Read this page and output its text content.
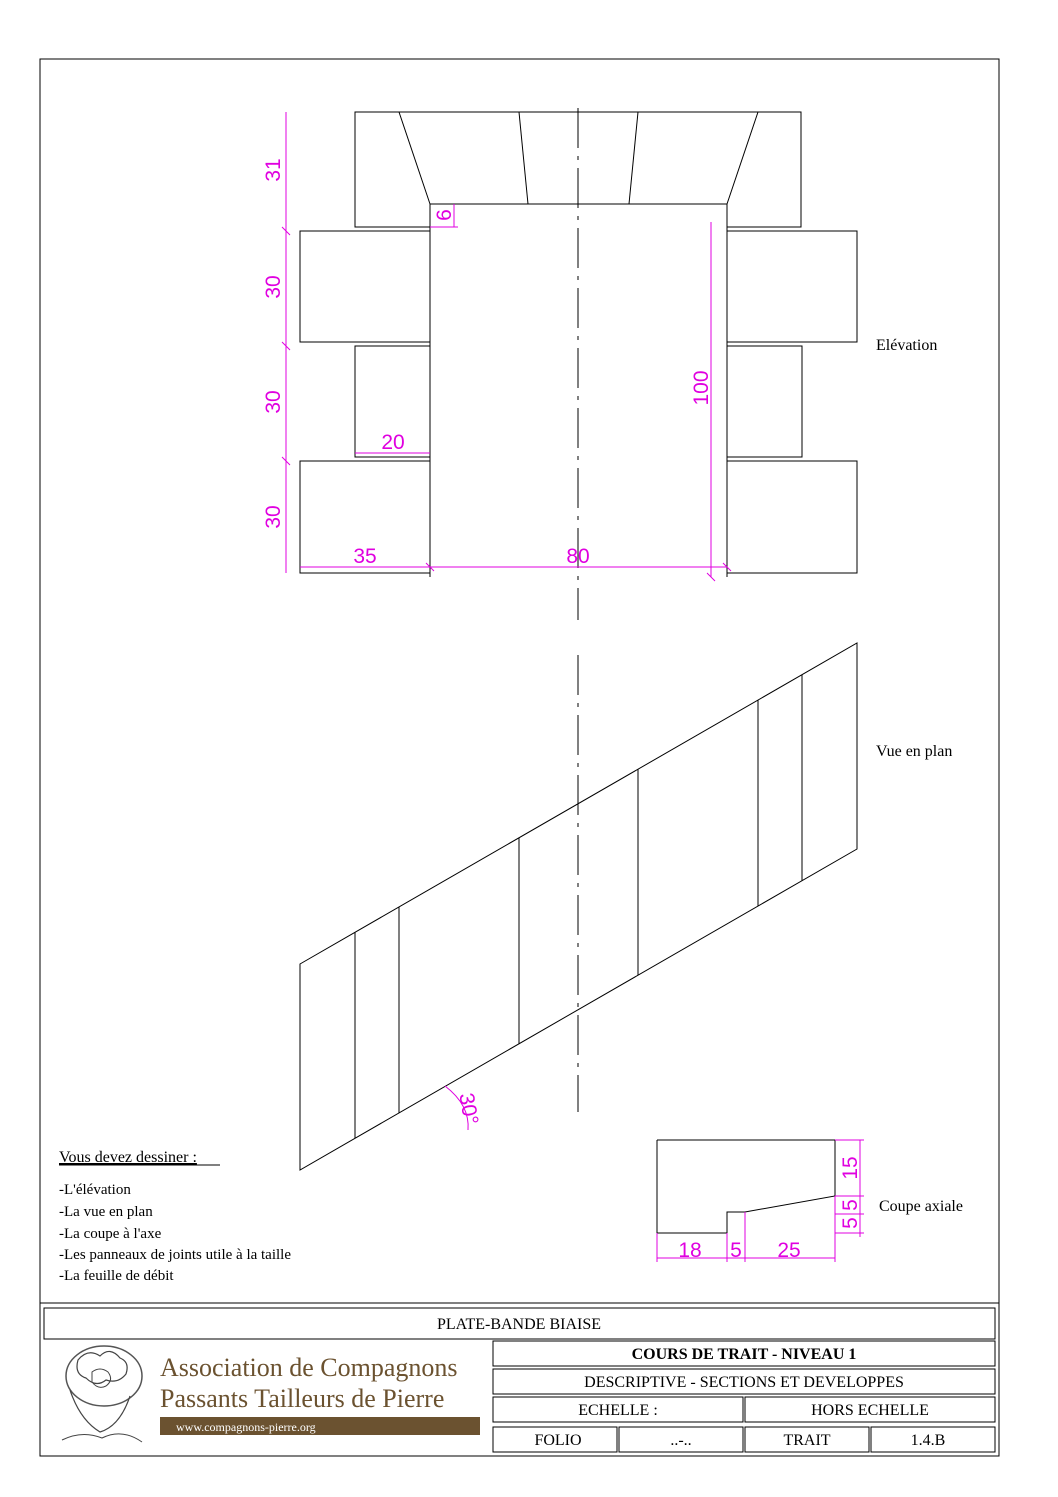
31
30
30
30
6
20
35	80
100
Elévation
30°
Vue en plan
15
5
5
18 5 25
Coupe axiale
Vous devez dessiner :
-L'élévation
-La vue en plan
-La coupe à l'axe
-Les panneaux de joints utile à la taille
-La feuille de débit
PLATE-BANDE BIAISE
COURS DE TRAIT - NIVEAU 1
DESCRIPTIVE - SECTIONS ET DEVELOPPES
ECHELLE :	HORS ECHELLE
FOLIO	..-..	TRAIT	1.4.B
Association de Compagnons
Passants Tailleurs de Pierre
www.compagnons-pierre.org
